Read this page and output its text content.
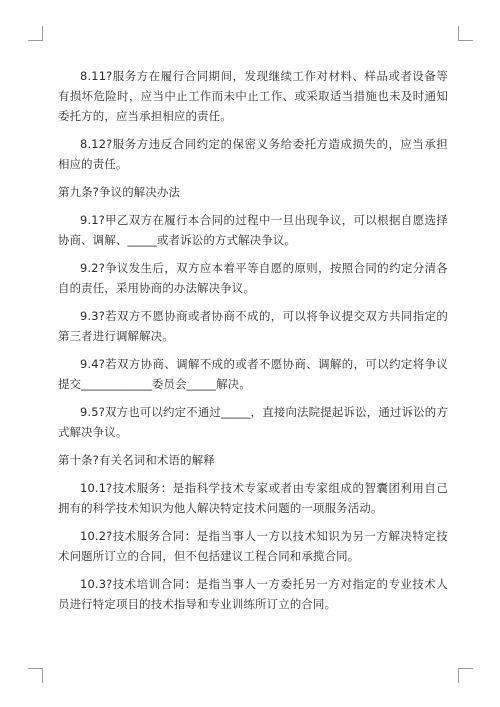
8.11?服务方在履行合同期间，发现继续工作对材料、样品或者设备等有损坏危险时，应当中止工作而未中止工作、或采取适当措施也未及时通知委托方的，应当承担相应的责任。

8.12?服务方违反合同约定的保密义务给委托方造成损失的，应当承担相应的责任。

第九条?争议的解决办法

9.1?甲乙双方在履行本合同的过程中一旦出现争议，可以根据自愿选择协商、调解、_____或者诉讼的方式解决争议。

9.2?争议发生后，双方应本着平等自愿的原则，按照合同的约定分清各自的责任，采用协商的办法解决争议。

9.3?若双方不愿协商或者协商不成的，可以将争议提交双方共同指定的第三者进行调解解决。

9.4?若双方协商、调解不成的或者不愿协商、调解的，可以约定将争议提交____________委员会_____解决。

9.5?双方也可以约定不通过_____，直接向法院提起诉讼，通过诉讼的方式解决争议。

第十条?有关名词和术语的解释

10.1?技术服务：是指科学技术专家或者由专家组成的智囊团利用自己拥有的科学技术知识为他人解决特定技术问题的一项服务活动。

10.2?技术服务合同：是指当事人一方以技术知识为另一方解决特定技术问题所订立的合同，但不包括建议工程合同和承揽合同。

10.3?技术培训合同：是指当事人一方委托另一方对指定的专业技术人员进行特定项目的技术指导和专业训练所订立的合同。
